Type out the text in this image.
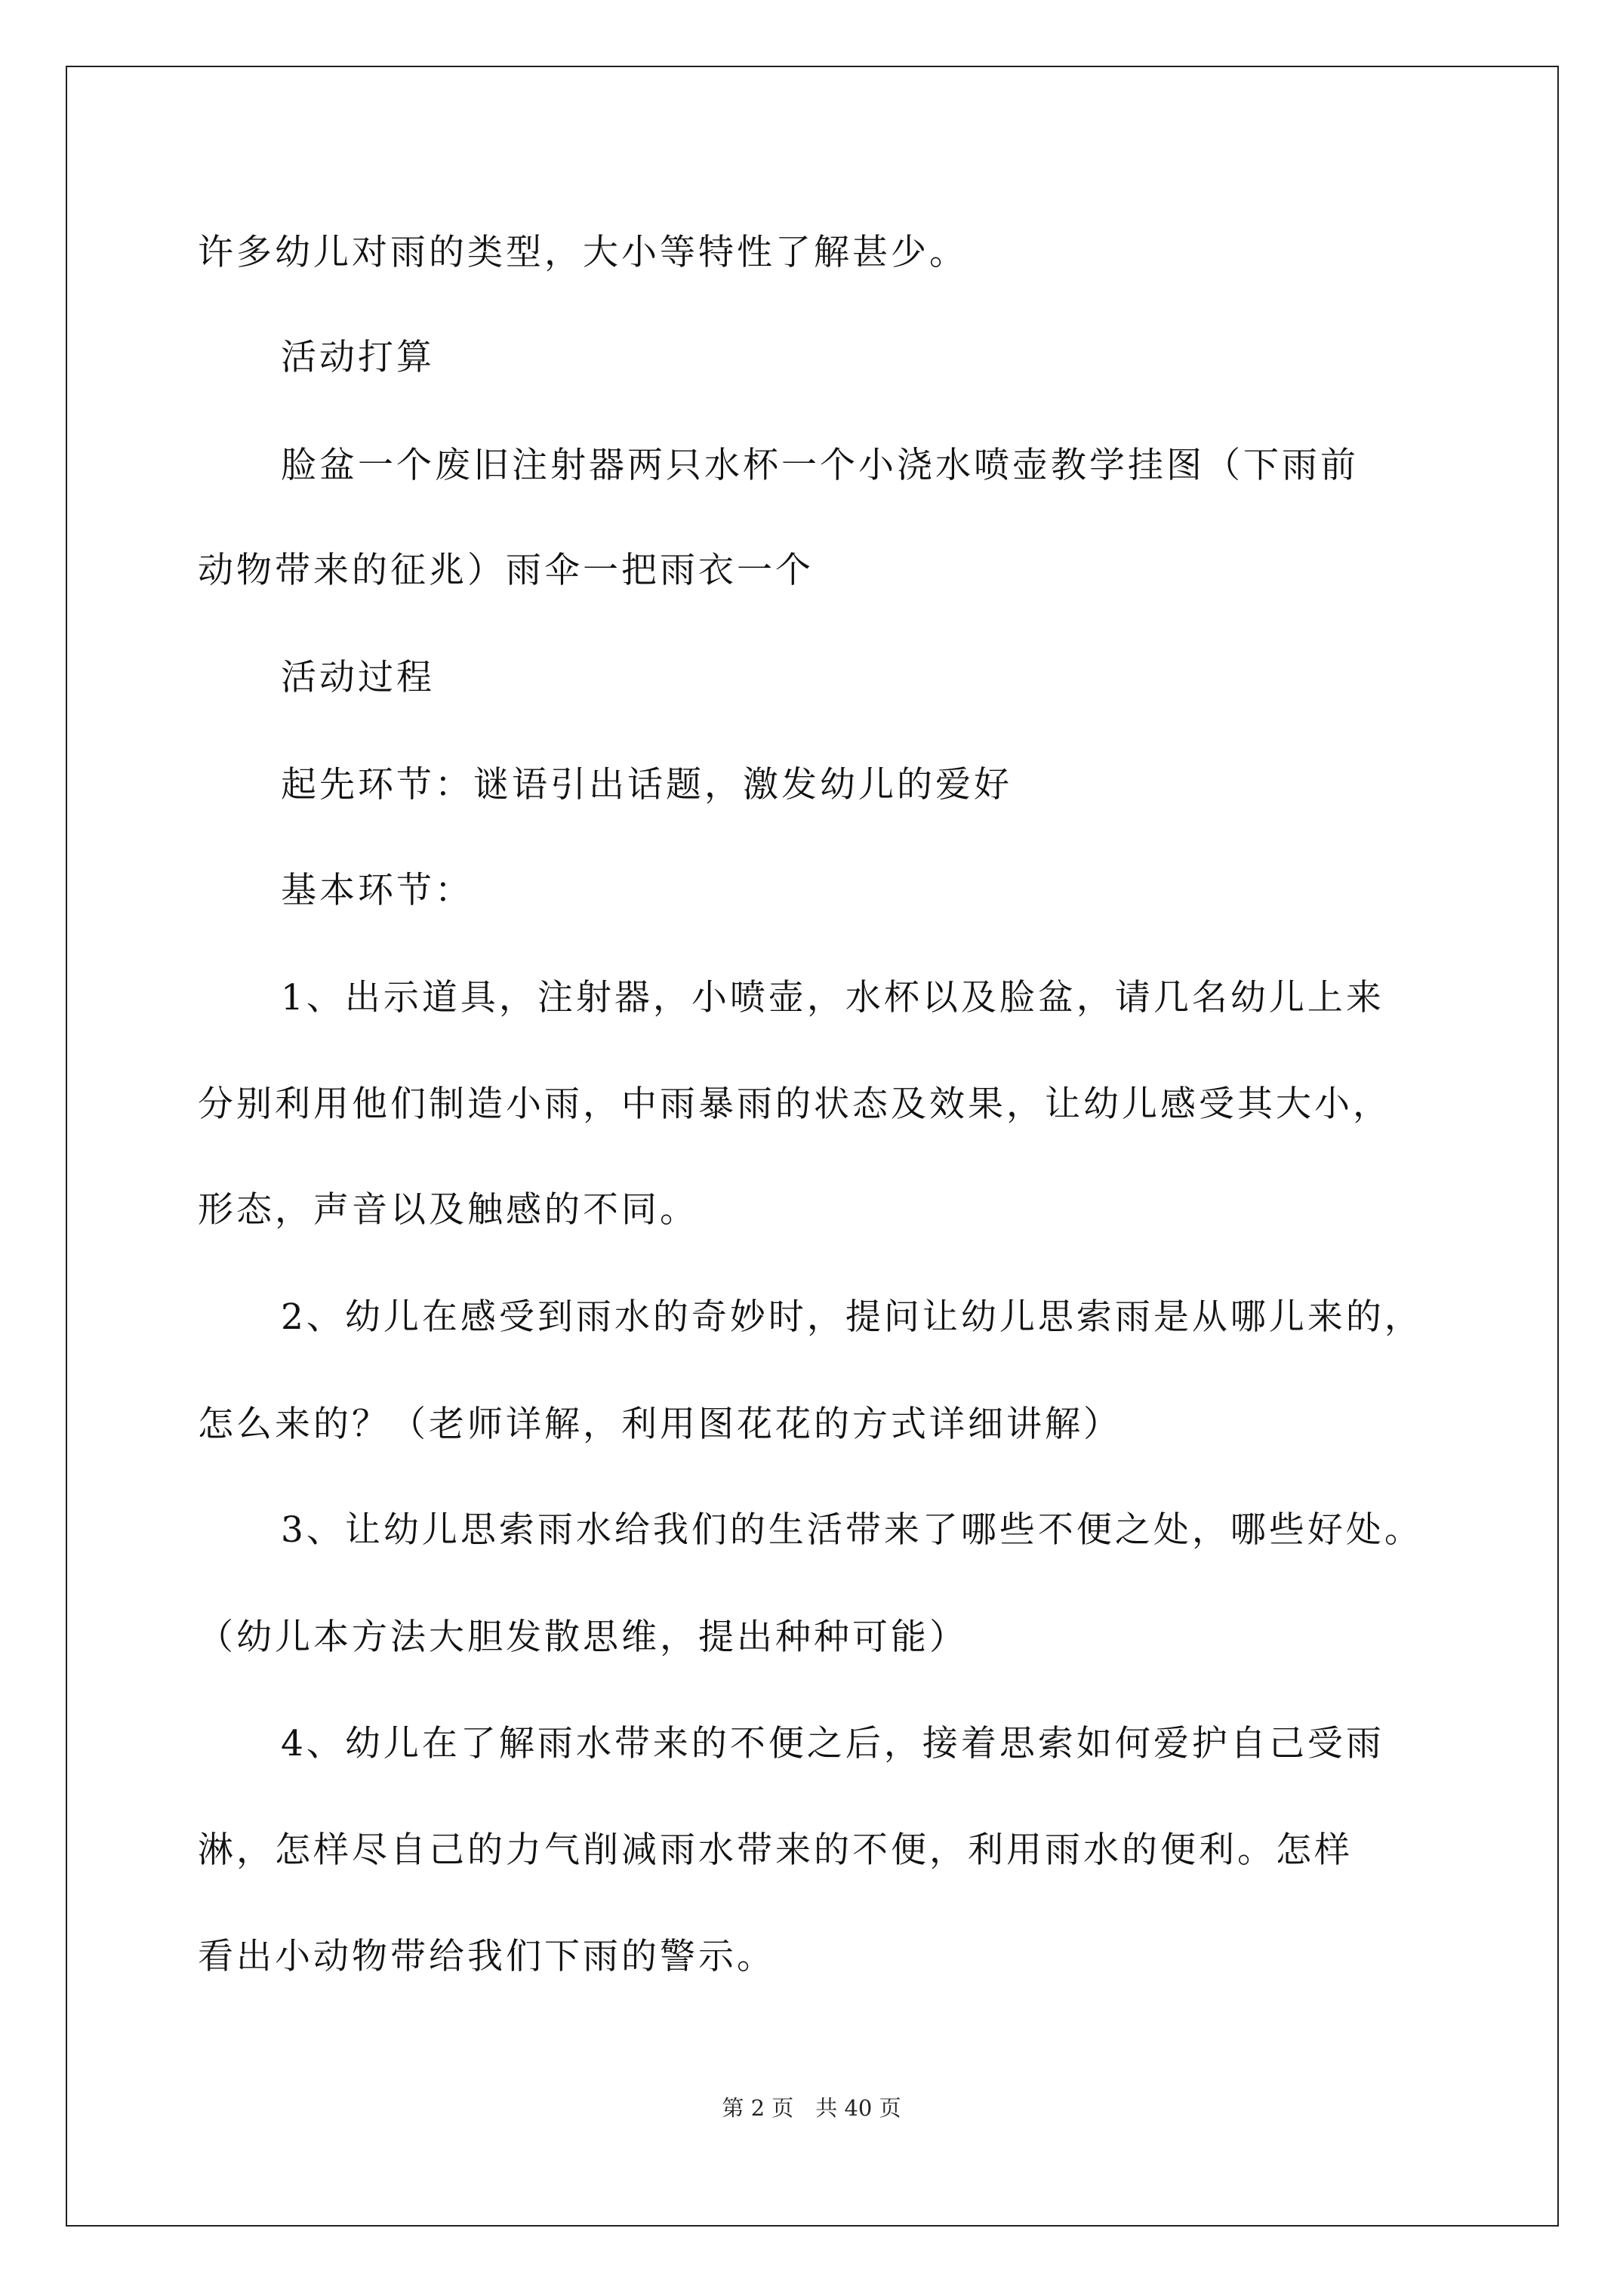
许多幼儿对雨的类型，大小等特性了解甚少。
活动打算
脸盆一个废旧注射器两只水杯一个小浇水喷壶教学挂图（下雨前
动物带来的征兆）雨伞一把雨衣一个
活动过程
起先环节：谜语引出话题，激发幼儿的爱好
基本环节：
1、出示道具，注射器，小喷壶，水杯以及脸盆，请几名幼儿上来
分别利用他们制造小雨，中雨暴雨的状态及效果，让幼儿感受其大小，
形态，声音以及触感的不同。
2、幼儿在感受到雨水的奇妙时，提问让幼儿思索雨是从哪儿来的，
怎么来的？（老师详解，利用图花花的方式详细讲解）
3、让幼儿思索雨水给我们的生活带来了哪些不便之处，哪些好处。
（幼儿本方法大胆发散思维，提出种种可能）
4、幼儿在了解雨水带来的不便之后，接着思索如何爱护自己受雨
淋，怎样尽自己的力气削减雨水带来的不便，利用雨水的便利。怎样
看出小动物带给我们下雨的警示。
第 2 页　共 40 页
